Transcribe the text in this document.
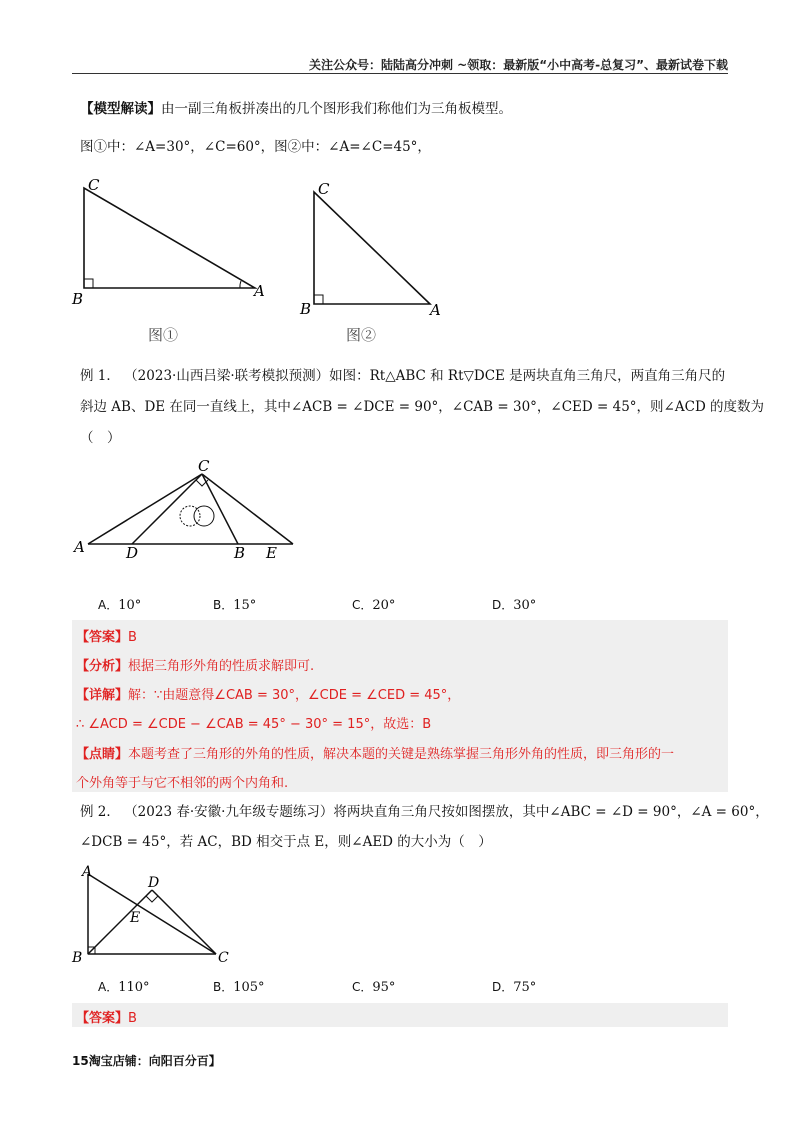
关注公众号：陆陆高分冲刺 ~领取：最新版“小中高考-总复习”、最新试卷下载
【模型解读】由一副三角板拼凑出的几个图形我们称他们为三角板模型。
图①中：∠A=30°，∠C=60°，图②中：∠A=∠C=45°，
C
B	A
图①
C
B	A
图②
例 1． （2023·山西吕梁·联考模拟预测）如图：Rt△ABC 和 Rt▽DCE 是两块直角三角尺，两直角三角尺的
斜边 AB、DE 在同一直线上，其中∠ACB = ∠DCE = 90°，∠CAB = 30°，∠CED = 45°，则∠ACD 的度数为
（　）
C
A	D	B E
A．10°	B．15°	C．20°	D．30°
【答案】B
【分析】根据三角形外角的性质求解即可.
【详解】解：∵由题意得∠CAB = 30°，∠CDE = ∠CED = 45°，
∴ ∠ACD = ∠CDE − ∠CAB = 45° − 30° = 15°，故选：B
【点睛】本题考查了三角形的外角的性质，解决本题的关键是熟练掌握三角形外角的性质，即三角形的一
个外角等于与它不相邻的两个内角和.
例 2． （2023 春·安徽·九年级专题练习）将两块直角三角尺按如图摆放，其中∠ABC = ∠D = 90°，∠A = 60°，
∠DCB = 45°，若 AC，BD 相交于点 E，则∠AED 的大小为（　）
A
D
E
B	C
A．110°	B．105°	C．95°	D．75°
【答案】B
15淘宝店铺：向阳百分百】
